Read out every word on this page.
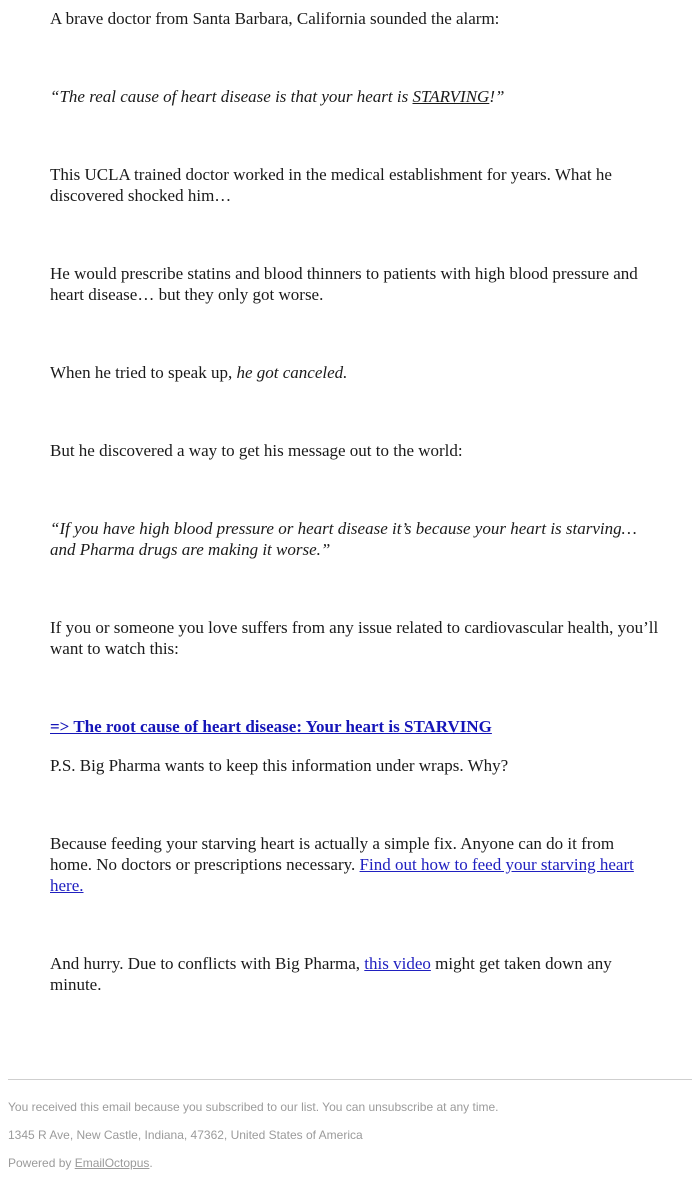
A brave doctor from Santa Barbara, California sounded the alarm:

“The real cause of heart disease is that your heart is STARVING!”

This UCLA trained doctor worked in the medical establishment for years. What he discovered shocked him…

He would prescribe statins and blood thinners to patients with high blood pressure and heart disease… but they only got worse.

When he tried to speak up, he got canceled.

But he discovered a way to get his message out to the world:

“If you have high blood pressure or heart disease it’s because your heart is starving… and Pharma drugs are making it worse.”

If you or someone you love suffers from any issue related to cardiovascular health, you’ll want to watch this:

=> The root cause of heart disease: Your heart is STARVING

P.S. Big Pharma wants to keep this information under wraps. Why?

Because feeding your starving heart is actually a simple fix. Anyone can do it from home. No doctors or prescriptions necessary. Find out how to feed your starving heart here.

And hurry. Due to conflicts with Big Pharma, this video might get taken down any minute.

You received this email because you subscribed to our list. You can unsubscribe at any time.
1345 R Ave, New Castle, Indiana, 47362, United States of America
Powered by EmailOctopus.
